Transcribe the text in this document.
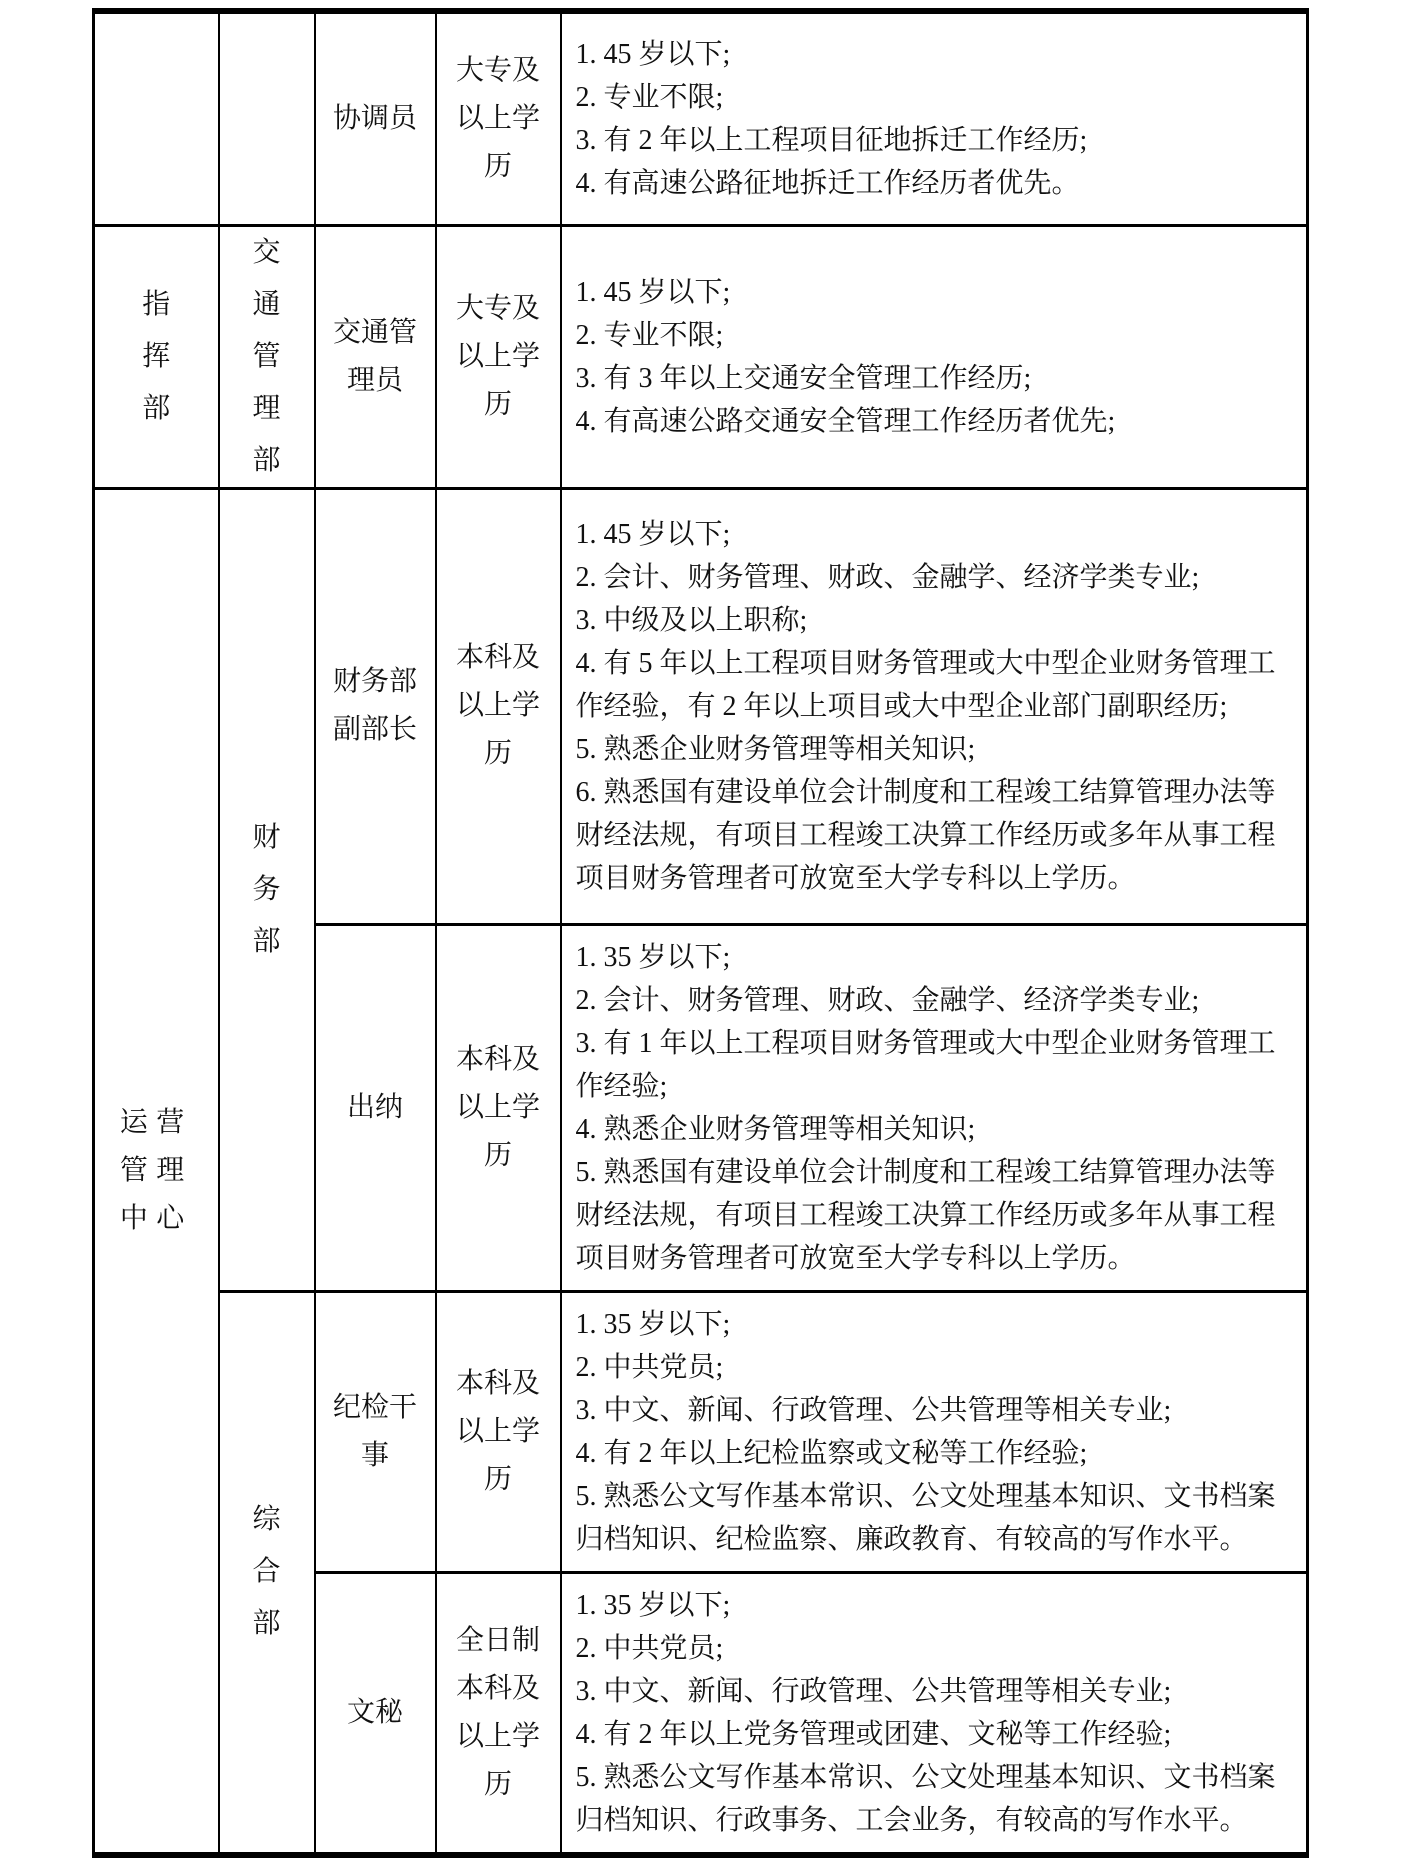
		协调员	大专及以上学历	1. 45 岁以下;
2. 专业不限;
3. 有 2 年以上工程项目征地拆迁工作经历;
4. 有高速公路征地拆迁工作经历者优先。

指挥部	交通管理部	交通管理员	大专及以上学历	1. 45 岁以下;
2. 专业不限;
3. 有 3 年以上交通安全管理工作经历;
4. 有高速公路交通安全管理工作经历者优先;

运营管理中心	财务部	财务部副部长	本科及以上学历	
1. 45 岁以下;
2. 会计、财务管理、财政、金融学、经济学类专业;
3. 中级及以上职称;
4. 有 5 年以上工程项目财务管理或大中型企业财务管理工作经验，有 2 年以上项目或大中型企业部门副职经历;
5. 熟悉企业财务管理等相关知识;
6. 熟悉国有建设单位会计制度和工程竣工结算管理办法等财经法规，有项目工程竣工决算工作经历或多年从事工程项目财务管理者可放宽至大学专科以上学历。

		出纳	本科及以上学历	1. 35 岁以下;
2. 会计、财务管理、财政、金融学、经济学类专业;
3. 有 1 年以上工程项目财务管理或大中型企业财务管理工作经验;
4. 熟悉企业财务管理等相关知识;
5. 熟悉国有建设单位会计制度和工程竣工结算管理办法等财经法规，有项目工程竣工决算工作经历或多年从事工程项目财务管理者可放宽至大学专科以上学历。

	综合部	纪检干事	本科及以上学历	1. 35 岁以下;
2. 中共党员;
3. 中文、新闻、行政管理、公共管理等相关专业;
4. 有 2 年以上纪检监察或文秘等工作经验;
5. 熟悉公文写作基本常识、公文处理基本知识、文书档案归档知识、纪检监察、廉政教育、有较高的写作水平。

		文秘	全日制本科及以上学历	1. 35 岁以下;
2. 中共党员;
3. 中文、新闻、行政管理、公共管理等相关专业;
4. 有 2 年以上党务管理或团建、文秘等工作经验;
5. 熟悉公文写作基本常识、公文处理基本知识、文书档案归档知识、行政事务、工会业务，有较高的写作水平。
